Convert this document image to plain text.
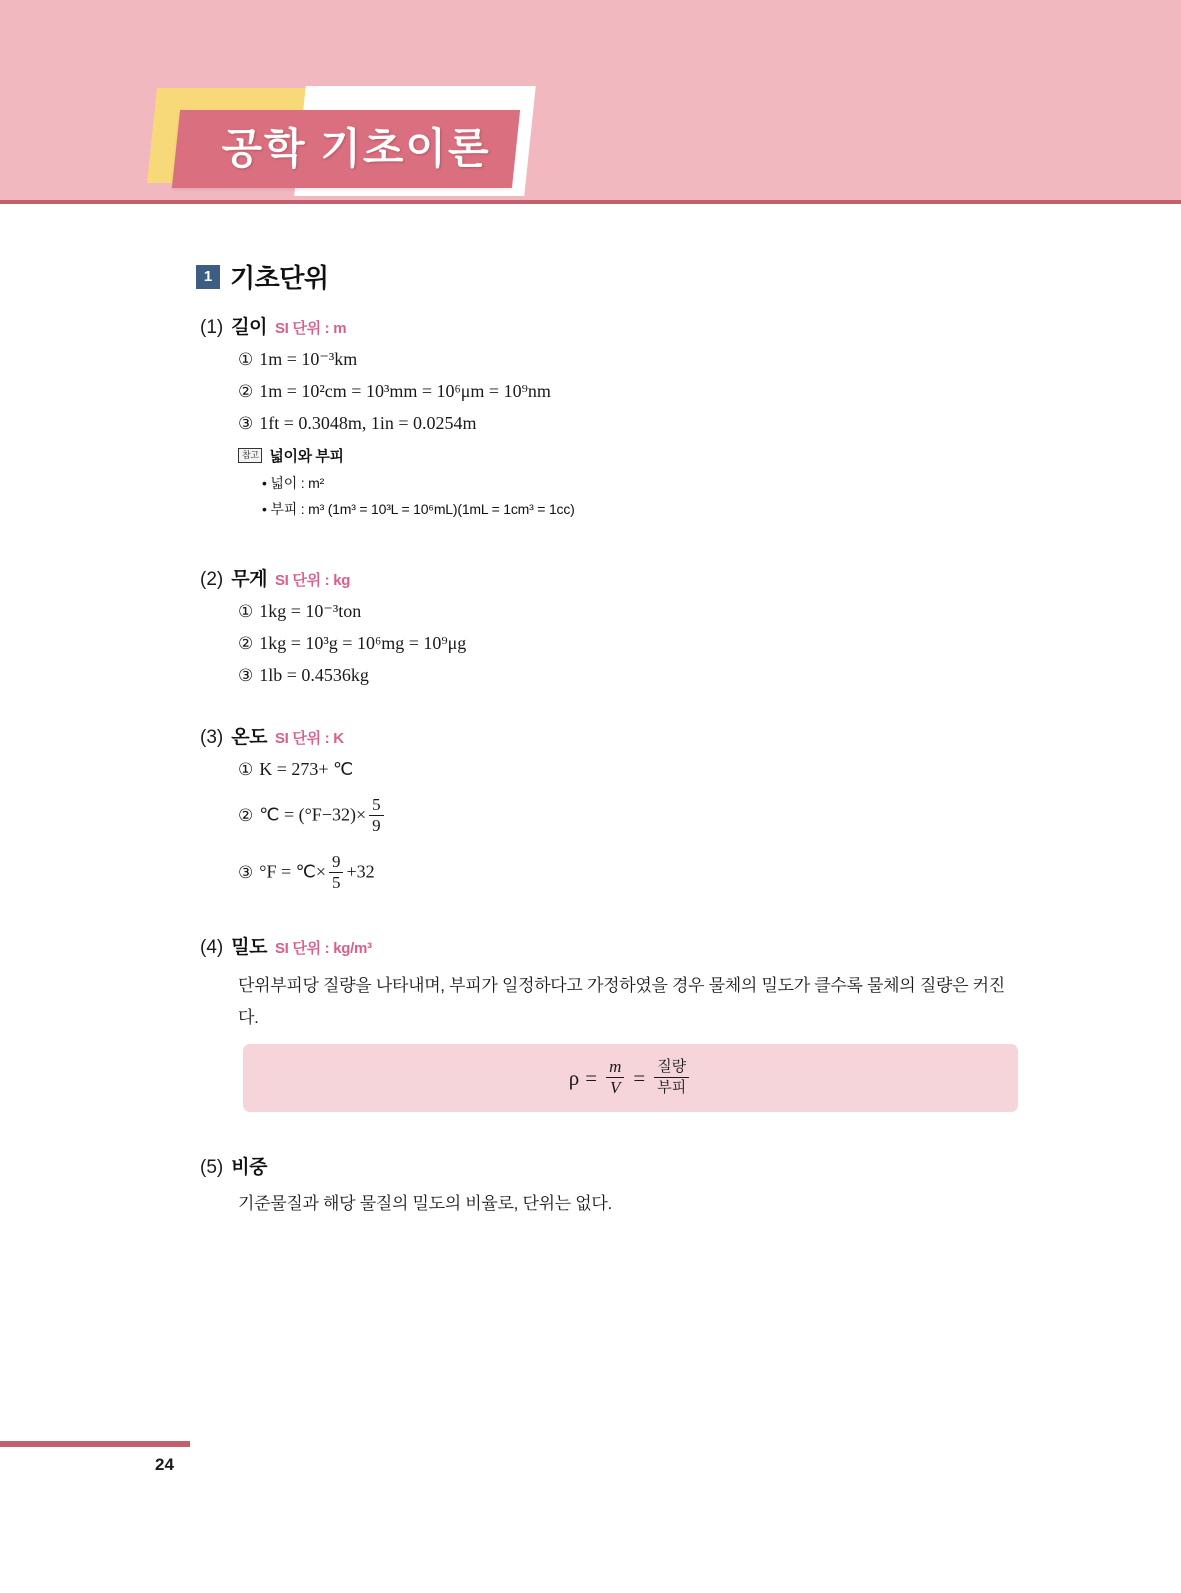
공학 기초이론
1 기초단위
(1) 길이 SI 단위 : m
① 1m = 10⁻³km
② 1m = 10²cm = 10³mm = 10⁶μm = 10⁹nm
③ 1ft = 0.3048m, 1in = 0.0254m
참고 넓이와 부피
• 넓이 : m²
• 부피 : m³ (1m³ = 10³L = 10⁶mL)(1mL = 1cm³ = 1cc)
(2) 무게 SI 단위 : kg
① 1kg = 10⁻³ton
② 1kg = 10³g = 10⁶mg = 10⁹μg
③ 1lb = 0.4536kg
(3) 온도 SI 단위 : K
① K = 273+ ℃
② ℃ = $(^\circ F-32)\times \frac{5}{9}$
③ °F = ℃× $\frac{9}{5} +32$
(4) 밀도 SI 단위 : kg/m³
단위부피당 질량을 나타내며, 부피가 일정하다고 가정하였을 경우 물체의 밀도가 클수록 물체의 질량은 커진다.
$\rho = \frac{m}{V} = \frac{\text{질량}}{\text{부피}}$
(5) 비중
기준물질과 해당 물질의 밀도의 비율로, 단위는 없다.
24
